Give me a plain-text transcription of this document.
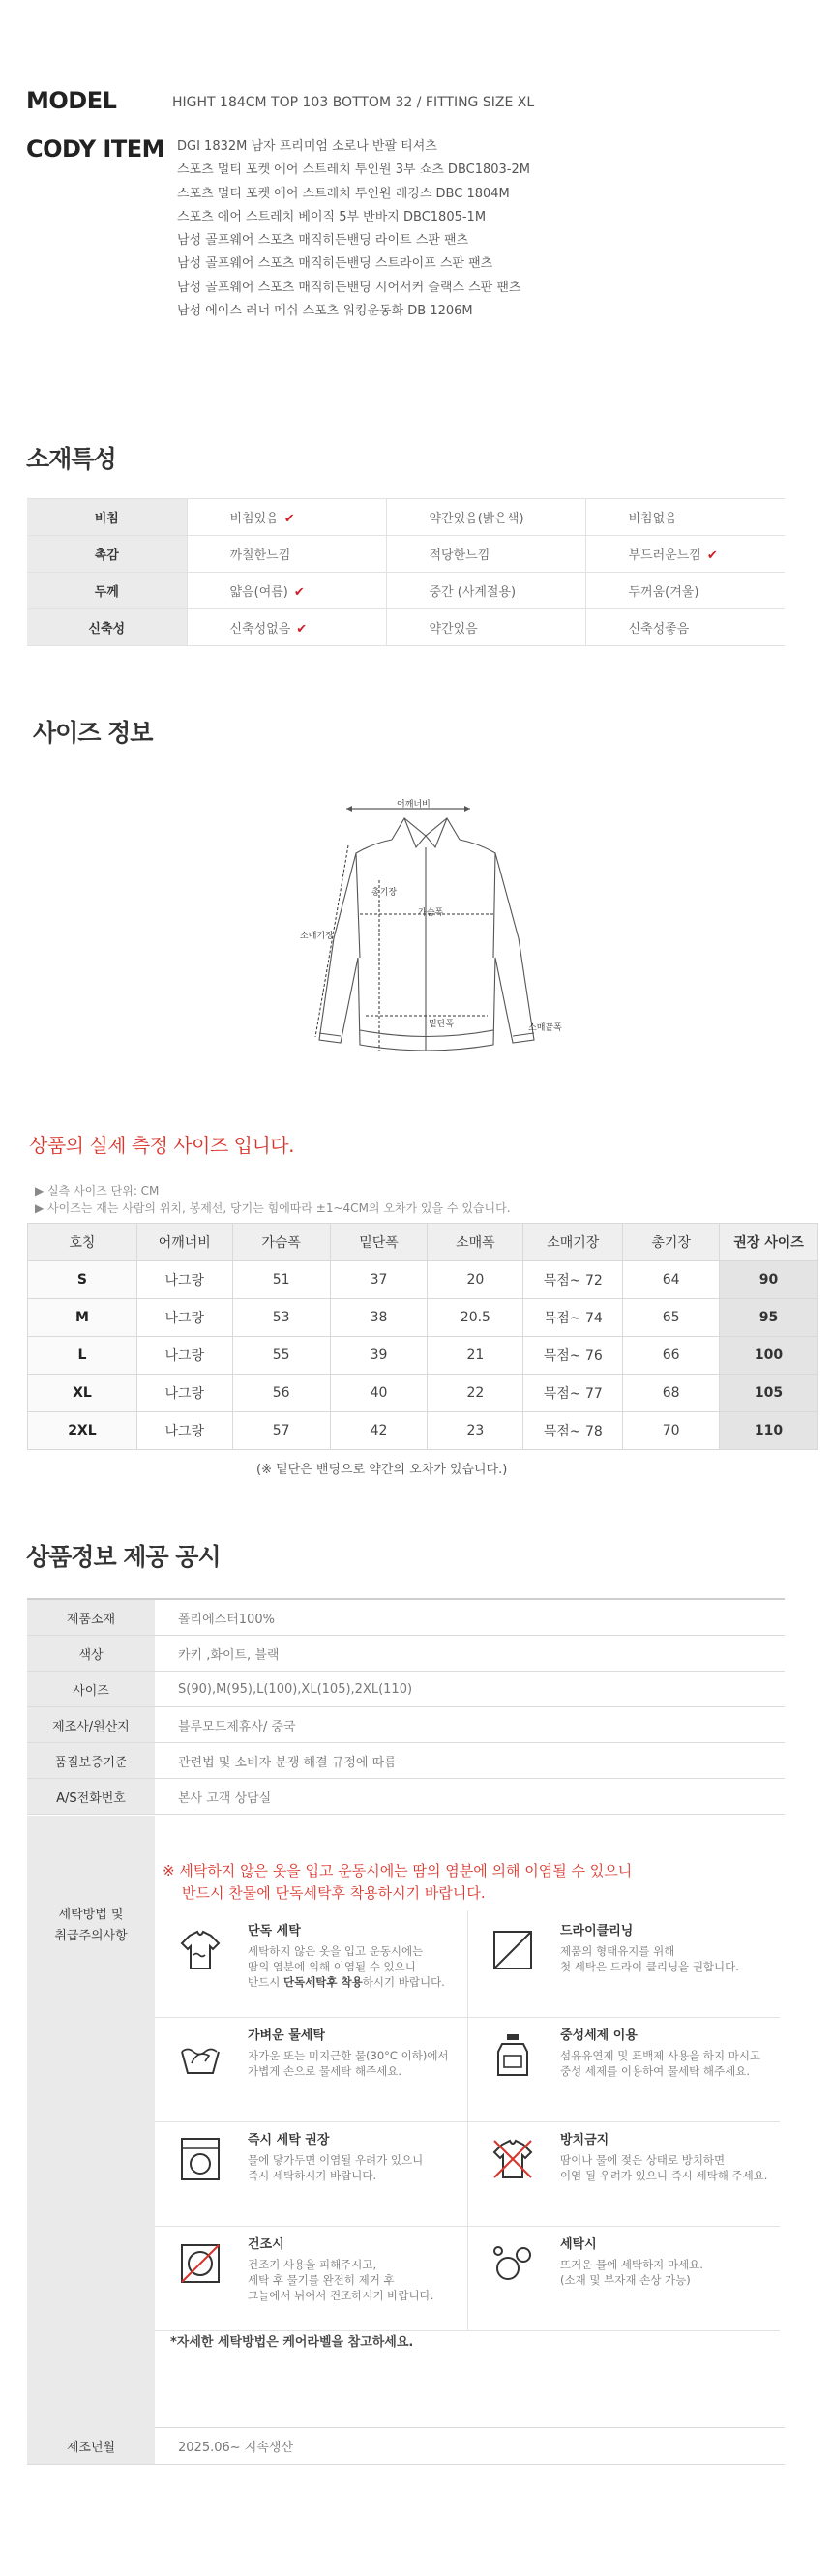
MODEL	HIGHT 184CM TOP 103 BOTTOM 32 / FITTING SIZE XL
CODY ITEM DGI 1832M 남자 프리미엄 소로나 반팔 티셔츠
스포츠 멀티 포켓 에어 스트레치 투인원 3부 쇼츠 DBC1803-2M
스포츠 멀티 포켓 에어 스트레치 투인원 레깅스 DBC 1804M
스포츠 에어 스트레치 베이직 5부 반바지 DBC1805-1M
남성 골프웨어 스포츠 매직히든밴딩 라이트 스판 팬츠
남성 골프웨어 스포츠 매직히든밴딩 스트라이프 스판 팬츠
남성 골프웨어 스포츠 매직히든밴딩 시어서커 슬랙스 스판 팬츠
남성 에이스 러너 메쉬 스포츠 워킹운동화 DB 1206M
소재특성
비침	비침있음 ✔	약간있음(밝은색)	비침없음
촉감	까칠한느낌	적당한느낌	부드러운느낌 ✔
두께	얇음(여름) ✔	중간 (사계절용)	두꺼움(겨울)
신축성	신축성없음 ✔	약간있음	신축성좋음
사이즈 정보
어깨너비
총기장
가슴폭
소매기장
밑단폭	소매끝폭
상품의 실제 측정 사이즈 입니다.
▶ 실측 사이즈 단위: CM
▶ 사이즈는 재는 사람의 위치, 봉제선, 당기는 힘에따라 ±1~4CM의 오차가 있을 수 있습니다.
호칭	어깨너비	가슴폭	밑단폭	소매폭	소매기장	총기장	권장 사이즈
S	나그랑	51	37	20	목점~ 72	64	90
M	나그랑	53	38	20.5	목점~ 74	65	95
L	나그랑	55	39	21	목점~ 76	66	100
XL	나그랑	56	40	22	목점~ 77	68	105
2XL	나그랑	57	42	23	목점~ 78	70	110
(※ 밑단은 밴딩으로 약간의 오차가 있습니다.)
상품정보 제공 공시
제품소재	폴리에스터100%
색상	카키 ,화이트, 블랙
사이즈	S(90),M(95),L(100),XL(105),2XL(110)
제조사/원산지	블루모드제휴사/ 중국
품질보증기준	관련법 및 소비자 분쟁 해결 규정에 따름
A/S전화번호	본사 고객 상담실
세탁방법 및
취급주의사항
※ 세탁하지 않은 옷을 입고 운동시에는 땀의 염분에 의해 이염될 수 있으니
반드시 찬물에 단독세탁후 착용하시기 바랍니다.
단독 세탁
세탁하지 않은 옷을 입고 운동시에는
땀의 염분에 의해 이염될 수 있으니
반드시 단독세탁후 착용하시기 바랍니다.
드라이클리닝
제품의 형태유지를 위해
첫 세탁은 드라이 클리닝을 권합니다.
가벼운 물세탁
자가운 또는 미지근한 물(30°C 이하)에서
가볍게 손으로 물세탁 해주세요.
중성세제 이용
섬유유연제 및 표백제 사용을 하지 마시고
중성 세제를 이용하여 물세탁 해주세요.
즉시 세탁 권장
물에 닿가두면 이염될 우려가 있으니
즉시 세탁하시기 바랍니다.
방치금지
땀이나 물에 젖은 상태로 방치하면
이염 될 우려가 있으니 즉시 세탁해 주세요.
건조시
건조기 사용을 피해주시고,
세탁 후 물기를 완전히 제거 후
그늘에서 뉘어서 건조하시기 바랍니다.
세탁시
뜨거운 물에 세탁하지 마세요.
(소재 및 부자재 손상 가능)
*자세한 세탁방법은 케어라벨을 참고하세요.
제조년월	2025.06~ 지속생산
